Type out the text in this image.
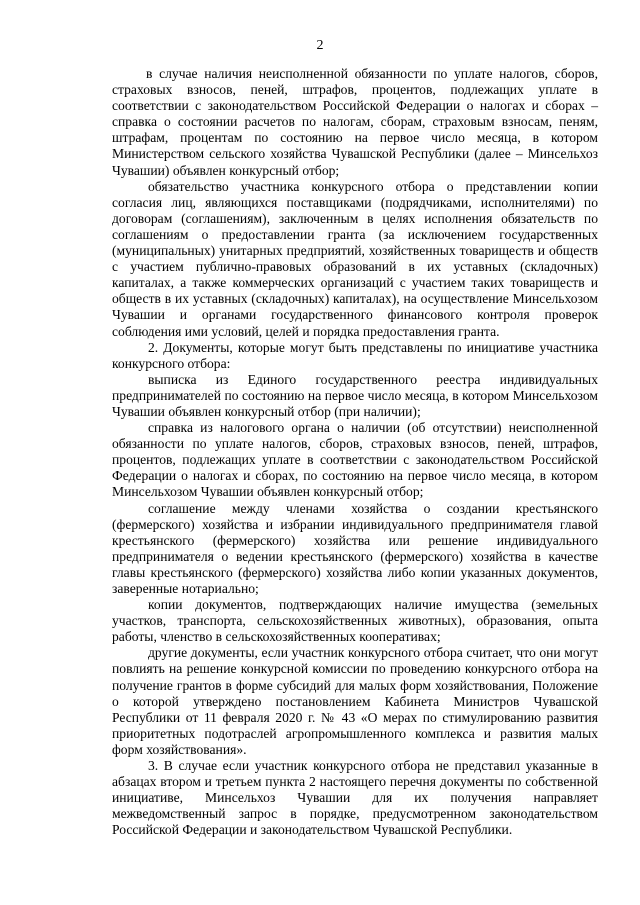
2

в случае наличия неисполненной обязанности по уплате налогов, сборов, страховых взносов, пеней, штрафов, процентов, подлежащих уплате в соответствии с законодательством Российской Федерации о налогах и сборах – справка о состоянии расчетов по налогам, сборам, страховым взносам, пеням, штрафам, процентам по состоянию на первое число месяца, в котором Министерством сельского хозяйства Чувашской Республики (далее – Минсельхоз Чувашии) объявлен конкурсный отбор;

обязательство участника конкурсного отбора о представлении копии согласия лиц, являющихся поставщиками (подрядчиками, исполнителями) по договорам (соглашениям), заключенным в целях исполнения обязательств по соглашениям о предоставлении гранта (за исключением государственных (муниципальных) унитарных предприятий, хозяйственных товариществ и обществ с участием публично-правовых образований в их уставных (складочных) капиталах, а также коммерческих организаций с участием таких товариществ и обществ в их уставных (складочных) капиталах), на осуществление Минсельхозом Чувашии и органами государственного финансового контроля проверок соблюдения ими условий, целей и порядка предоставления гранта.

2. Документы, которые могут быть представлены по инициативе участника конкурсного отбора:

выписка из Единого государственного реестра индивидуальных предпринимателей по состоянию на первое число месяца, в котором Минсельхозом Чувашии объявлен конкурсный отбор (при наличии);

справка из налогового органа о наличии (об отсутствии) неисполненной обязанности по уплате налогов, сборов, страховых взносов, пеней, штрафов, процентов, подлежащих уплате в соответствии с законодательством Российской Федерации о налогах и сборах, по состоянию на первое число месяца, в котором Минсельхозом Чувашии объявлен конкурсный отбор;

соглашение между членами хозяйства о создании крестьянского (фермерского) хозяйства и избрании индивидуального предпринимателя главой крестьянского (фермерского) хозяйства или решение индивидуального предпринимателя о ведении крестьянского (фермерского) хозяйства в качестве главы крестьянского (фермерского) хозяйства либо копии указанных документов, заверенные нотариально;

копии документов, подтверждающих наличие имущества (земельных участков, транспорта, сельскохозяйственных животных), образования, опыта работы, членство в сельскохозяйственных кооперативах;

другие документы, если участник конкурсного отбора считает, что они могут повлиять на решение конкурсной комиссии по проведению конкурсного отбора на получение грантов в форме субсидий для малых форм хозяйствования, Положение о которой утверждено постановлением Кабинета Министров Чувашской Республики от 11 февраля 2020 г. № 43 «О мерах по стимулированию развития приоритетных подотраслей агропромышленного комплекса и развития малых форм хозяйствования».

3. В случае если участник конкурсного отбора не представил указанные в абзацах втором и третьем пункта 2 настоящего перечня документы по собственной инициативе, Минсельхоз Чувашии для их получения направляет межведомственный запрос в порядке, предусмотренном законодательством Российской Федерации и законодательством Чувашской Республики.
